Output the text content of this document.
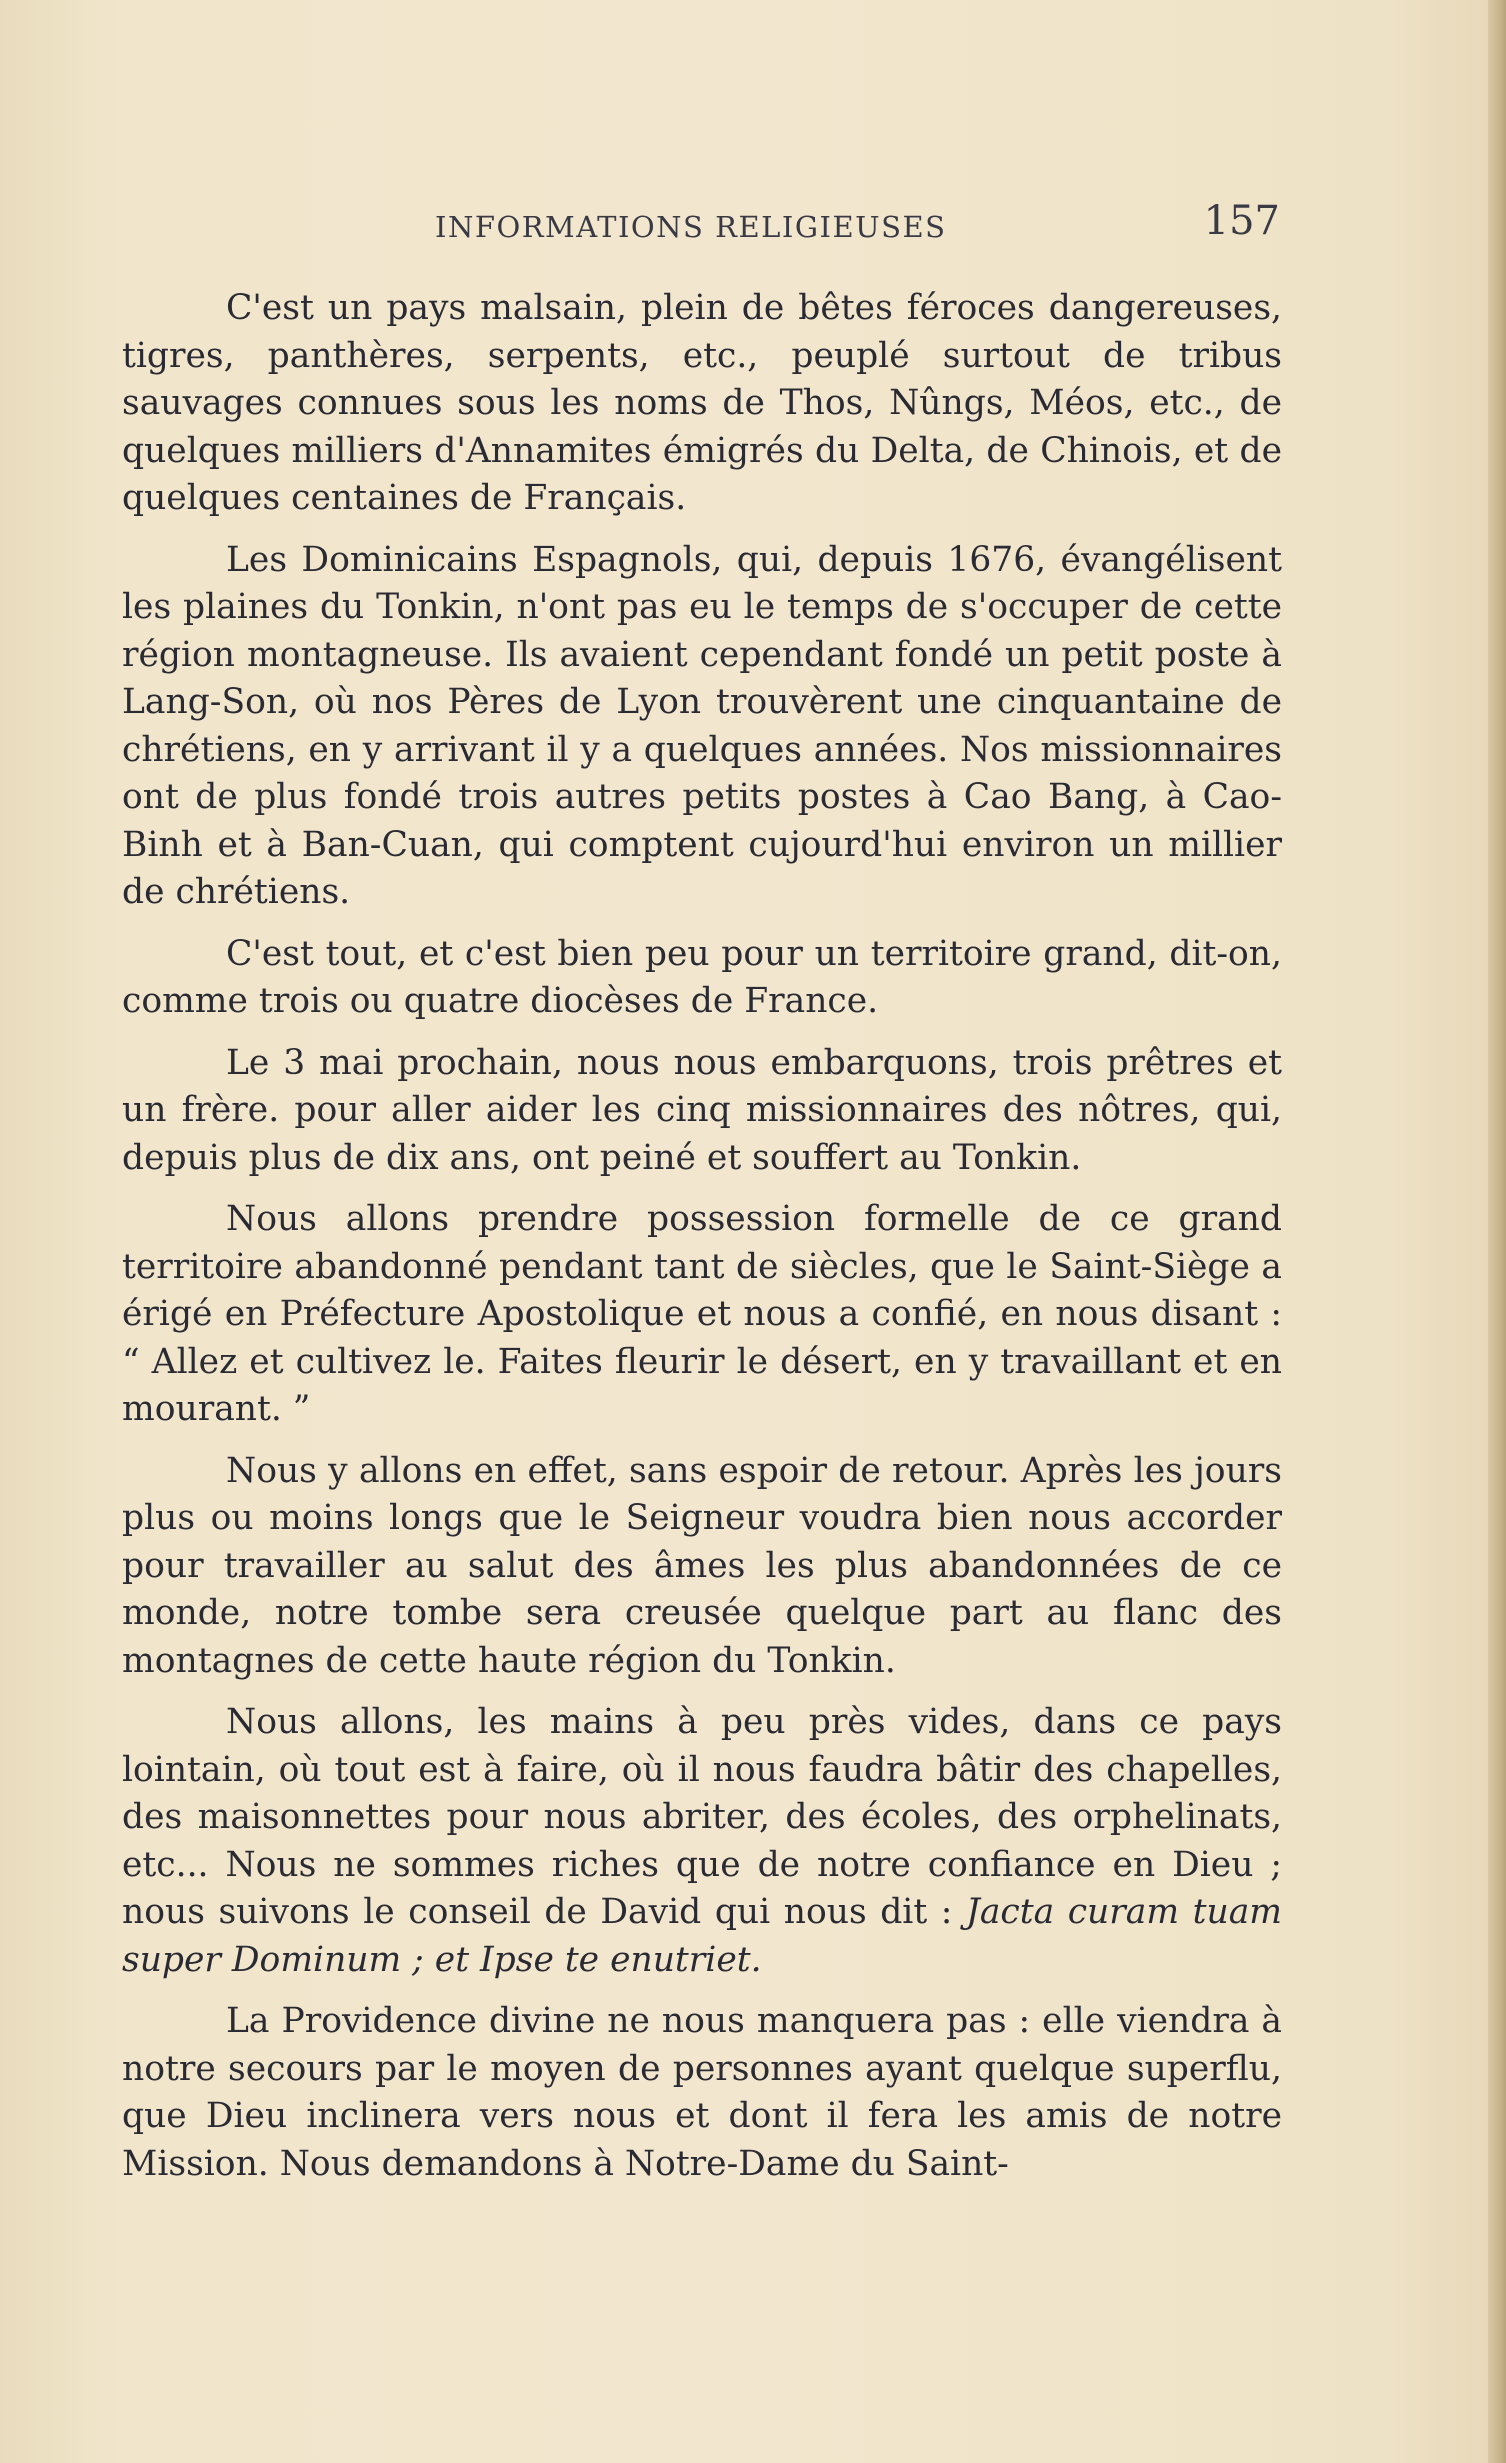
INFORMATIONS RELIGIEUSES	157

C'est un pays malsain, plein de bêtes féroces dangereuses, tigres, panthères, serpents, etc., peuplé surtout de tribus sauvages connues sous les noms de Thos, Nûngs, Méos, etc., de quelques milliers d'Annamites émigrés du Delta, de Chinois, et de quelques centaines de Français.

Les Dominicains Espagnols, qui, depuis 1676, évangélisent les plaines du Tonkin, n'ont pas eu le temps de s'occuper de cette région montagneuse. Ils avaient cependant fondé un petit poste à Lang-Son, où nos Pères de Lyon trouvèrent une cinquantaine de chrétiens, en y arrivant il y a quelques années. Nos missionnaires ont de plus fondé trois autres petits postes à Cao Bang, à Cao-Binh et à Ban-Cuan, qui comptent cujourd'hui environ un millier de chrétiens.

C'est tout, et c'est bien peu pour un territoire grand, dit-on, comme trois ou quatre diocèses de France.

Le 3 mai prochain, nous nous embarquons, trois prêtres et un frère. pour aller aider les cinq missionnaires des nôtres, qui, depuis plus de dix ans, ont peiné et souffert au Tonkin.

Nous allons prendre possession formelle de ce grand territoire abandonné pendant tant de siècles, que le Saint-Siège a érigé en Préfecture Apostolique et nous a confié, en nous disant : “ Allez et cultivez le. Faites fleurir le désert, en y travaillant et en mourant. ”

Nous y allons en effet, sans espoir de retour. Après les jours plus ou moins longs que le Seigneur voudra bien nous accorder pour travailler au salut des âmes les plus abandonnées de ce monde, notre tombe sera creusée quelque part au flanc des montagnes de cette haute région du Tonkin.

Nous allons, les mains à peu près vides, dans ce pays lointain, où tout est à faire, où il nous faudra bâtir des chapelles, des maisonnettes pour nous abriter, des écoles, des orphelinats, etc... Nous ne sommes riches que de notre confiance en Dieu ; nous suivons le conseil de David qui nous dit : Jacta curam tuam super Dominum ; et Ipse te enutriet.

La Providence divine ne nous manquera pas : elle viendra à notre secours par le moyen de personnes ayant quelque superflu, que Dieu inclinera vers nous et dont il fera les amis de notre Mission. Nous demandons à Notre-Dame du Saint-
